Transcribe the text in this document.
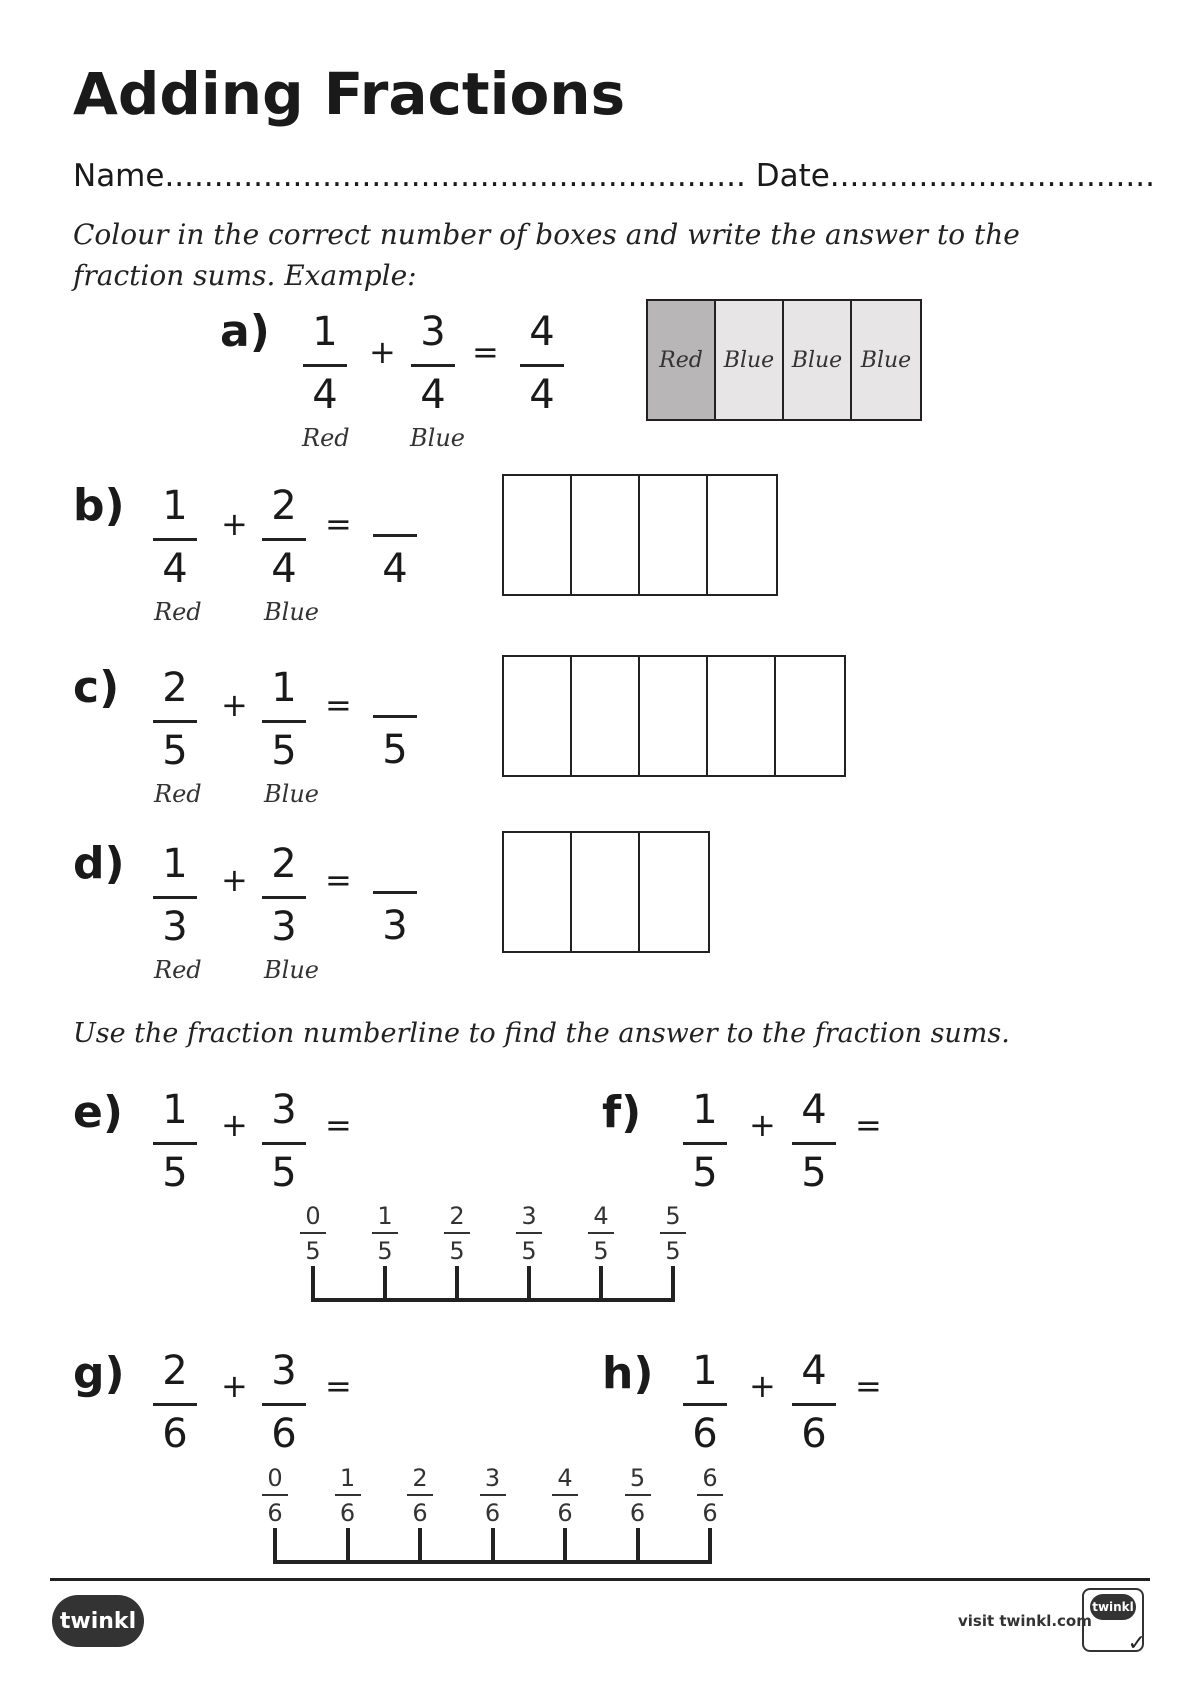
Adding Fractions
Name........................................................... Date.................................
Colour in the correct number of boxes and write the answer to the
fraction sums. Example:
a)	1
4
+ 3
4
= 4
4
Red	Blue
Red Blue Blue Blue
b) 1
4
+ 2
4
=
4
Red	Blue
c)	2
5
+ 1
5
=
5
Red	Blue
d) 1
3
+ 2
3
=
3
Red	Blue
Use the fraction numberline to find the answer to the fraction sums.
e) 1
5
+ 3
5
=	f)	1
5
+ 4
5
=
0
5
1
5
2
5
3
5
4
5
5
5
g) 2
6
+ 3
6
=	h) 1
6
+ 4
6
=
0
6
1
6
2
6
3
6
4
6
5
6
6
6
twinkl	visit twinkl.com
twinkl
✓
